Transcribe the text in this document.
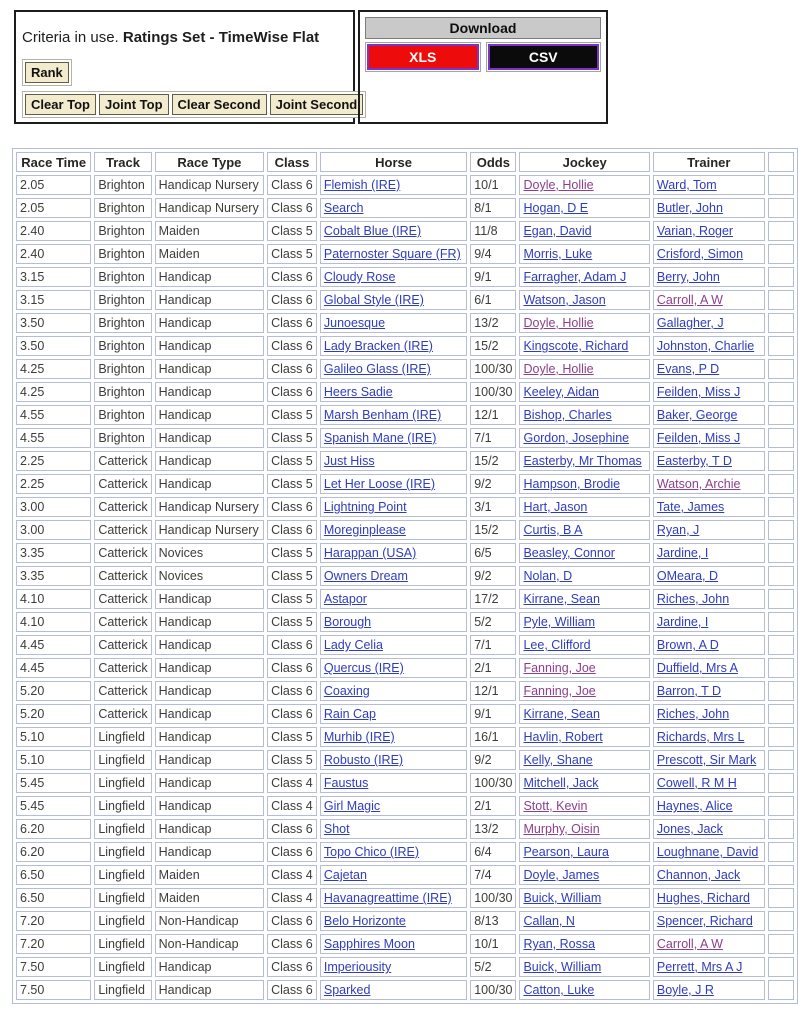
Criteria in use. Ratings Set - TimeWise Flat
Rank
Clear Top	Joint Top	Clear Second	Joint Second
Download
XLS	CSV
Race Time	Track	Race Type	Class	Horse	Odds	Jockey	Trainer	
2.05	Brighton	Handicap Nursery	Class 6	Flemish (IRE)	10/1	Doyle, Hollie	Ward, Tom	
2.05	Brighton	Handicap Nursery	Class 6	Search	8/1	Hogan, D E	Butler, John	
2.40	Brighton	Maiden	Class 5	Cobalt Blue (IRE)	11/8	Egan, David	Varian, Roger	
2.40	Brighton	Maiden	Class 5	Paternoster Square (FR)	9/4	Morris, Luke	Crisford, Simon	
3.15	Brighton	Handicap	Class 6	Cloudy Rose	9/1	Farragher, Adam J	Berry, John	
3.15	Brighton	Handicap	Class 6	Global Style (IRE)	6/1	Watson, Jason	Carroll, A W	
3.50	Brighton	Handicap	Class 6	Junoesque	13/2	Doyle, Hollie	Gallagher, J	
3.50	Brighton	Handicap	Class 6	Lady Bracken (IRE)	15/2	Kingscote, Richard	Johnston, Charlie	
4.25	Brighton	Handicap	Class 6	Galileo Glass (IRE)	100/30	Doyle, Hollie	Evans, P D	
4.25	Brighton	Handicap	Class 6	Heers Sadie	100/30	Keeley, Aidan	Feilden, Miss J	
4.55	Brighton	Handicap	Class 5	Marsh Benham (IRE)	12/1	Bishop, Charles	Baker, George	
4.55	Brighton	Handicap	Class 5	Spanish Mane (IRE)	7/1	Gordon, Josephine	Feilden, Miss J	
2.25	Catterick	Handicap	Class 5	Just Hiss	15/2	Easterby, Mr Thomas	Easterby, T D	
2.25	Catterick	Handicap	Class 5	Let Her Loose (IRE)	9/2	Hampson, Brodie	Watson, Archie	
3.00	Catterick	Handicap Nursery	Class 6	Lightning Point	3/1	Hart, Jason	Tate, James	
3.00	Catterick	Handicap Nursery	Class 6	Moreginplease	15/2	Curtis, B A	Ryan, J	
3.35	Catterick	Novices	Class 5	Harappan (USA)	6/5	Beasley, Connor	Jardine, I	
3.35	Catterick	Novices	Class 5	Owners Dream	9/2	Nolan, D	OMeara, D	
4.10	Catterick	Handicap	Class 5	Astapor	17/2	Kirrane, Sean	Riches, John	
4.10	Catterick	Handicap	Class 5	Borough	5/2	Pyle, William	Jardine, I	
4.45	Catterick	Handicap	Class 6	Lady Celia	7/1	Lee, Clifford	Brown, A D	
4.45	Catterick	Handicap	Class 6	Quercus (IRE)	2/1	Fanning, Joe	Duffield, Mrs A	
5.20	Catterick	Handicap	Class 6	Coaxing	12/1	Fanning, Joe	Barron, T D	
5.20	Catterick	Handicap	Class 6	Rain Cap	9/1	Kirrane, Sean	Riches, John	
5.10	Lingfield	Handicap	Class 5	Murhib (IRE)	16/1	Havlin, Robert	Richards, Mrs L	
5.10	Lingfield	Handicap	Class 5	Robusto (IRE)	9/2	Kelly, Shane	Prescott, Sir Mark	
5.45	Lingfield	Handicap	Class 4	Faustus	100/30	Mitchell, Jack	Cowell, R M H	
5.45	Lingfield	Handicap	Class 4	Girl Magic	2/1	Stott, Kevin	Haynes, Alice	
6.20	Lingfield	Handicap	Class 6	Shot	13/2	Murphy, Oisin	Jones, Jack	
6.20	Lingfield	Handicap	Class 6	Topo Chico (IRE)	6/4	Pearson, Laura	Loughnane, David	
6.50	Lingfield	Maiden	Class 4	Cajetan	7/4	Doyle, James	Channon, Jack	
6.50	Lingfield	Maiden	Class 4	Havanagreattime (IRE)	100/30	Buick, William	Hughes, Richard	
7.20	Lingfield	Non-Handicap	Class 6	Belo Horizonte	8/13	Callan, N	Spencer, Richard	
7.20	Lingfield	Non-Handicap	Class 6	Sapphires Moon	10/1	Ryan, Rossa	Carroll, A W	
7.50	Lingfield	Handicap	Class 6	Imperiousity	5/2	Buick, William	Perrett, Mrs A J	
7.50	Lingfield	Handicap	Class 6	Sparked	100/30	Catton, Luke	Boyle, J R	
